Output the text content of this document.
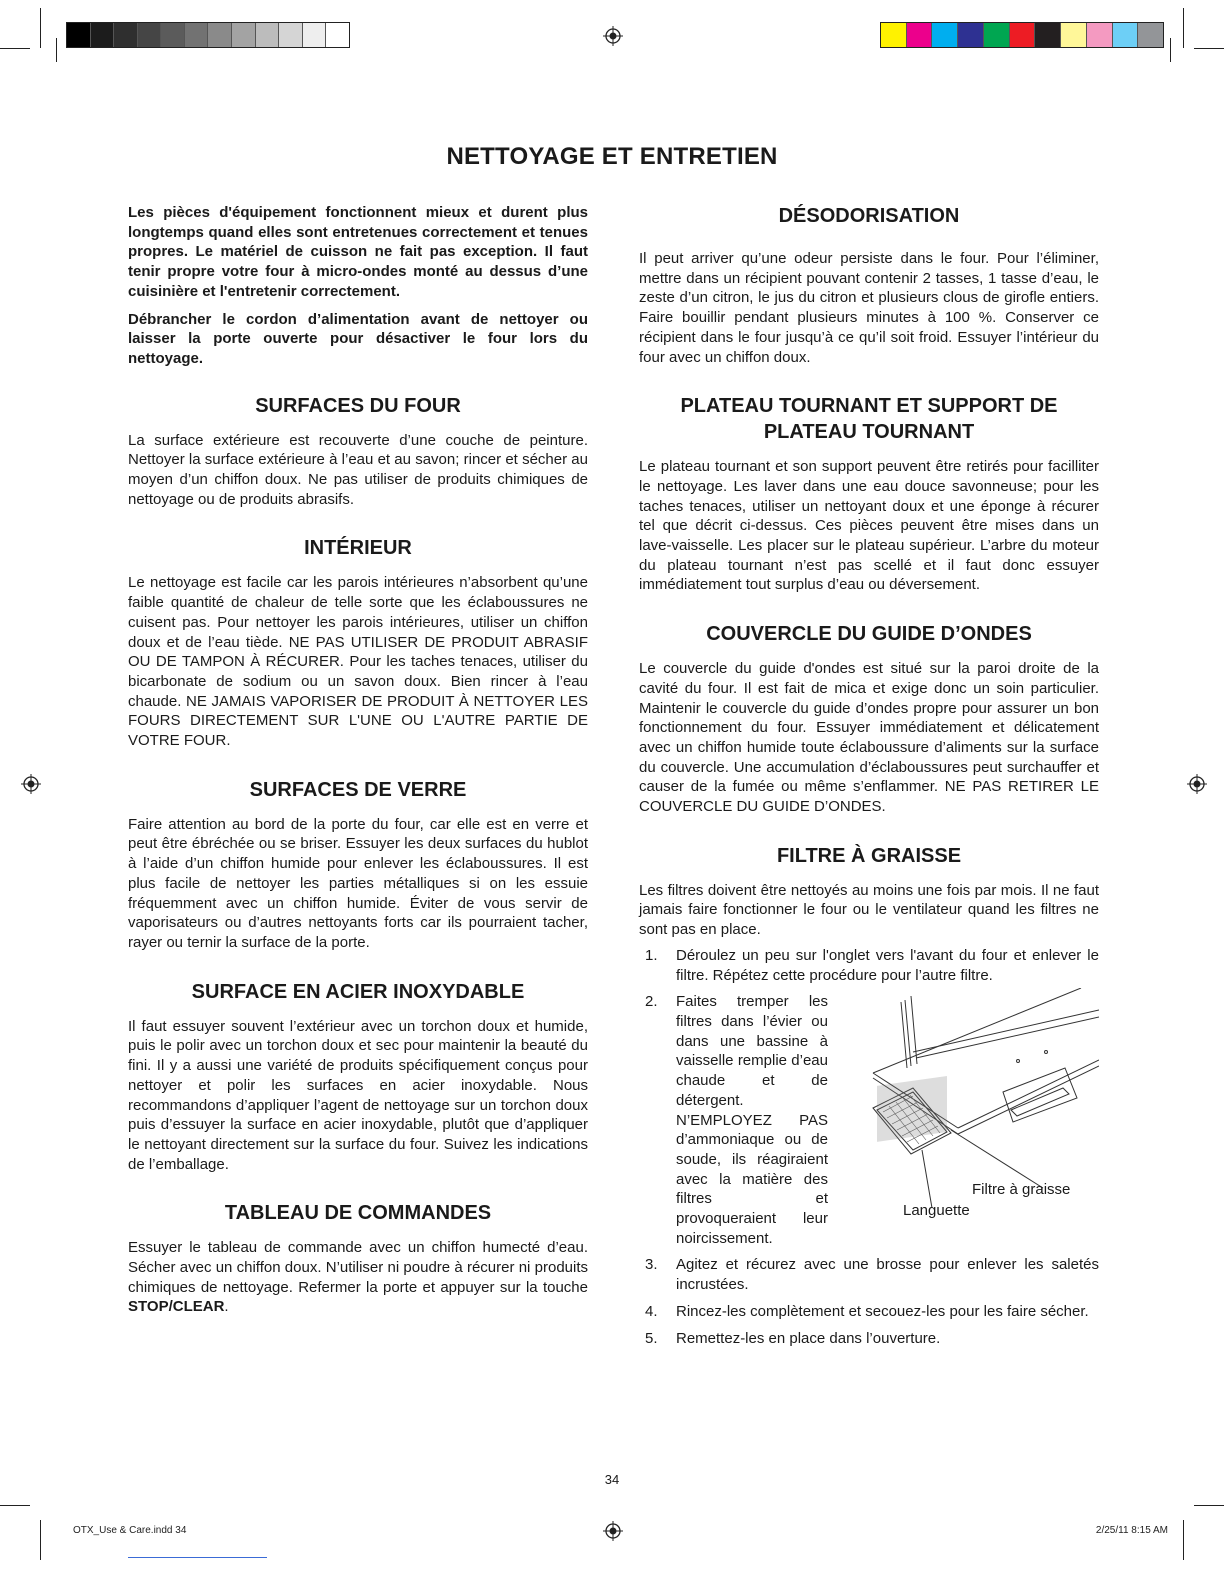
OTX_Use & Care.indd 34	2/25/11 8:15 AM
NETTOYAGE ET ENTRETIEN

Les pièces d'équipement fonctionnent mieux et durent plus longtemps quand elles sont entretenues correctement et tenues propres. Le matériel de cuisson ne fait pas exception. Il faut tenir propre votre four à micro-ondes monté au dessus d’une cuisinière et l'entretenir correctement.

Débrancher le cordon d’alimentation avant de nettoyer ou laisser la porte ouverte pour désactiver le four lors du nettoyage.

SURFACES DU FOUR

La surface extérieure est recouverte d’une couche de peinture. Nettoyer la surface extérieure à l’eau et au savon; rincer et sécher au moyen d’un chiffon doux. Ne pas utiliser de produits chimiques de nettoyage ou de produits abrasifs.

INTÉRIEUR

Le nettoyage est facile car les parois intérieures n’absorbent qu’une faible quantité de chaleur de telle sorte que les éclaboussures ne cuisent pas. Pour nettoyer les parois intérieures, utiliser un chiffon doux et de l’eau tiède. NE PAS UTILISER DE PRODUIT ABRASIF OU DE TAMPON À RÉCURER. Pour les taches tenaces, utiliser du bicarbonate de sodium ou un savon doux. Bien rincer à l’eau chaude. NE JAMAIS VAPORISER DE PRODUIT À NETTOYER LES FOURS DIRECTEMENT SUR L'UNE OU L'AUTRE PARTIE DE VOTRE FOUR.

SURFACES DE VERRE

Faire attention au bord de la porte du four, car elle est en verre et peut être ébréchée ou se briser. Essuyer les deux surfaces du hublot à l’aide d’un chiffon humide pour enlever les éclaboussures. Il est plus facile de nettoyer les parties métalliques si on les essuie fréquemment avec un chiffon humide. Éviter de vous servir de vaporisateurs ou d’autres nettoyants forts car ils pourraient tacher, rayer ou ternir la surface de la porte.

SURFACE EN ACIER INOXYDABLE

Il faut essuyer souvent l’extérieur avec un torchon doux et humide, puis le polir avec un torchon doux et sec pour maintenir la beauté du fini. Il y a aussi une variété de produits spécifiquement conçus pour nettoyer et polir les surfaces en acier inoxydable. Nous recommandons d’appliquer l’agent de nettoyage sur un torchon doux puis d’essuyer la surface en acier inoxydable, plutôt que d’appliquer le nettoyant directement sur la surface du four. Suivez les indications de l’emballage.

TABLEAU DE COMMANDES

Essuyer le tableau de commande avec un chiffon humecté d’eau. Sécher avec un chiffon doux. N’utiliser ni poudre à récurer ni produits chimiques de nettoyage. Refermer la porte et appuyer sur la touche STOP/CLEAR.

DÉSODORISATION

Il peut arriver qu’une odeur persiste dans le four. Pour l’éliminer, mettre dans un récipient pouvant contenir 2 tasses, 1 tasse d’eau, le zeste d’un citron, le jus du citron et plusieurs clous de girofle entiers. Faire bouillir pendant plusieurs minutes à 100 %. Conserver ce récipient dans le four jusqu’à ce qu’il soit froid. Essuyer l’intérieur du four avec un chiffon doux.

PLATEAU TOURNANT ET SUPPORT DE
PLATEAU TOURNANT

Le plateau tournant et son support peuvent être retirés pour facilliter le nettoyage. Les laver dans une eau douce savonneuse; pour les taches tenaces, utiliser un nettoyant doux et une éponge à récurer tel que décrit ci-dessus. Ces pièces peuvent être mises dans un lave-vaisselle. Les placer sur le plateau supérieur. L’arbre du moteur du plateau tournant n’est pas scellé et il faut donc essuyer immédiatement tout surplus d’eau ou déversement.

COUVERCLE DU GUIDE D’ONDES

Le couvercle du guide d'ondes est situé sur la paroi droite de la cavité du four. Il est fait de mica et exige donc un soin particulier. Maintenir le couvercle du guide d’ondes propre pour assurer un bon fonctionnement du four. Essuyer immédiatement et délicatement avec un chiffon humide toute éclaboussure d’aliments sur la surface du couvercle. Une accumulation d’éclaboussures peut surchauffer et causer de la fumée ou même s’enflammer. NE PAS RETIRER LE COUVERCLE DU GUIDE D’ONDES.

FILTRE À GRAISSE

Les filtres doivent être nettoyés au moins une fois par mois. Il ne faut jamais faire fonctionner le four ou le ventilateur quand les filtres ne sont pas en place.

1. Déroulez un peu sur l'onglet vers l'avant du four et enlever le filtre. Répétez cette procédure pour l’autre filtre.
2. Faites tremper les filtres dans l’évier ou dans une bassine à vaisselle remplie d’eau chaude et de détergent. N’EMPLOYEZ PAS d’ammoniaque ou de soude, ils réagiraient avec la matière des filtres et provoqueraient leur noircissement.
Filtre à graisse
Languette
3. Agitez et récurez avec une brosse pour enlever les saletés incrustées.
4. Rincez-les complètement et secouez-les pour les faire sécher.
5. Remettez-les en place dans l’ouverture.
34
